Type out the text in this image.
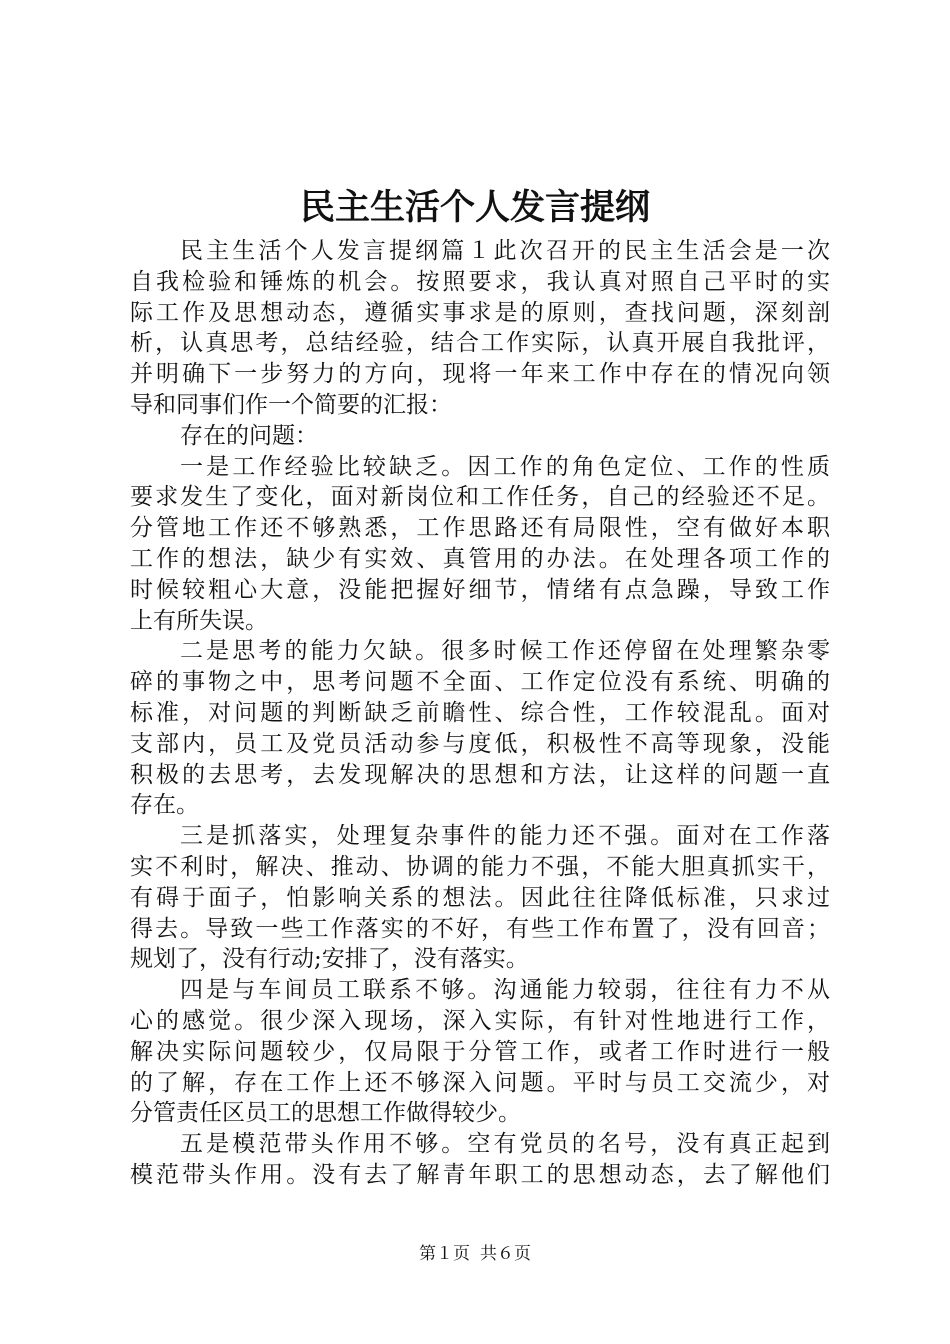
民主生活个人发言提纲
民主生活个人发言提纲篇１此次召开的民主生活会是一次
自我检验和锤炼的机会。按照要求，我认真对照自己平时的实
际工作及思想动态，遵循实事求是的原则，查找问题，深刻剖
析，认真思考，总结经验，结合工作实际，认真开展自我批评，
并明确下一步努力的方向，现将一年来工作中存在的情况向领
导和同事们作一个简要的汇报：
存在的问题：
一是工作经验比较缺乏。因工作的角色定位、工作的性质
要求发生了变化，面对新岗位和工作任务，自己的经验还不足。
分管地工作还不够熟悉，工作思路还有局限性，空有做好本职
工作的想法，缺少有实效、真管用的办法。在处理各项工作的
时候较粗心大意，没能把握好细节，情绪有点急躁，导致工作
上有所失误。
二是思考的能力欠缺。很多时候工作还停留在处理繁杂零
碎的事物之中，思考问题不全面、工作定位没有系统、明确的
标准，对问题的判断缺乏前瞻性、综合性，工作较混乱。面对
支部内，员工及党员活动参与度低，积极性不高等现象，没能
积极的去思考，去发现解决的思想和方法，让这样的问题一直
存在。
三是抓落实，处理复杂事件的能力还不强。面对在工作落
实不利时，解决、推动、协调的能力不强，不能大胆真抓实干，
有碍于面子，怕影响关系的想法。因此往往降低标准，只求过
得去。导致一些工作落实的不好，有些工作布置了，没有回音；
规划了，没有行动;安排了，没有落实。
四是与车间员工联系不够。沟通能力较弱，往往有力不从
心的感觉。很少深入现场，深入实际，有针对性地进行工作，
解决实际问题较少，仅局限于分管工作，或者工作时进行一般
的了解，存在工作上还不够深入问题。平时与员工交流少，对
分管责任区员工的思想工作做得较少。
五是模范带头作用不够。空有党员的名号，没有真正起到
模范带头作用。没有去了解青年职工的思想动态，去了解他们
第１页 共６页
